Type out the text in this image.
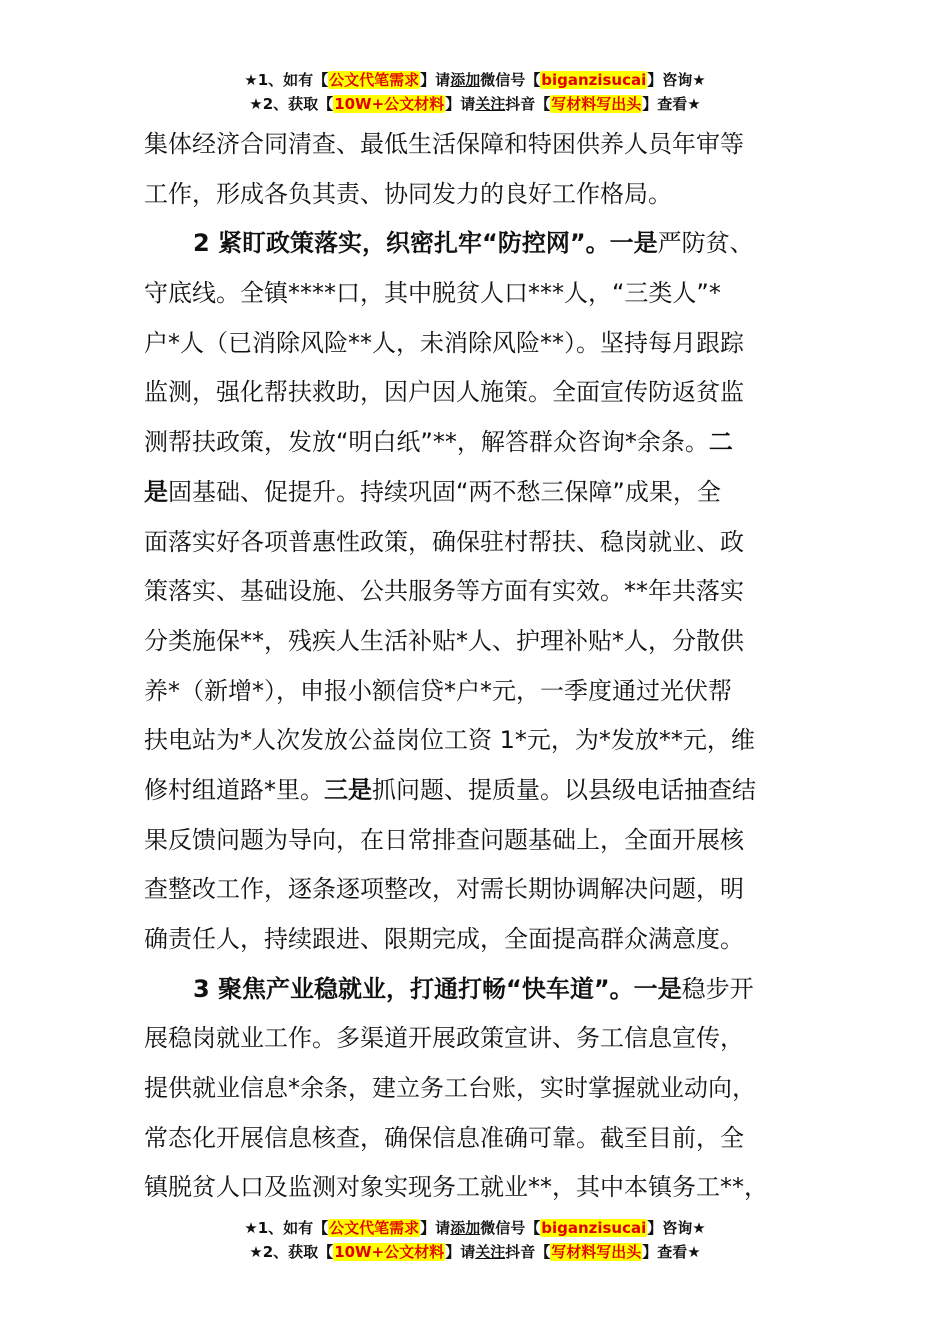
★1、如有【公文代笔需求】请添加微信号【biganzisucai】咨询★
★2、获取【10W+公文材料】请关注抖音【写材料写出头】查看★
集体经济合同清查、最低生活保障和特困供养人员年审等
工作，形成各负其责、协同发力的良好工作格局。
2 紧盯政策落实，织密扎牢“防控网”。一是严防贫、
守底线。全镇****口，其中脱贫人口***人，“三类人”*
户*人（已消除风险**人，未消除风险**）。坚持每月跟踪
监测，强化帮扶救助，因户因人施策。全面宣传防返贫监
测帮扶政策，发放“明白纸”**，解答群众咨询*余条。二
是固基础、促提升。持续巩固“两不愁三保障”成果，全
面落实好各项普惠性政策，确保驻村帮扶、稳岗就业、政
策落实、基础设施、公共服务等方面有实效。**年共落实
分类施保**，残疾人生活补贴*人、护理补贴*人，分散供
养*（新增*），申报小额信贷*户*元，一季度通过光伏帮
扶电站为*人次发放公益岗位工资 1*元，为*发放**元，维
修村组道路*里。三是抓问题、提质量。以县级电话抽查结
果反馈问题为导向，在日常排查问题基础上，全面开展核
查整改工作，逐条逐项整改，对需长期协调解决问题，明
确责任人，持续跟进、限期完成，全面提高群众满意度。
3 聚焦产业稳就业，打通打畅“快车道”。一是稳步开
展稳岗就业工作。多渠道开展政策宣讲、务工信息宣传，
提供就业信息*余条，建立务工台账，实时掌握就业动向，
常态化开展信息核查，确保信息准确可靠。截至目前，全
镇脱贫人口及监测对象实现务工就业**，其中本镇务工**，
★1、如有【公文代笔需求】请添加微信号【biganzisucai】咨询★
★2、获取【10W+公文材料】请关注抖音【写材料写出头】查看★
